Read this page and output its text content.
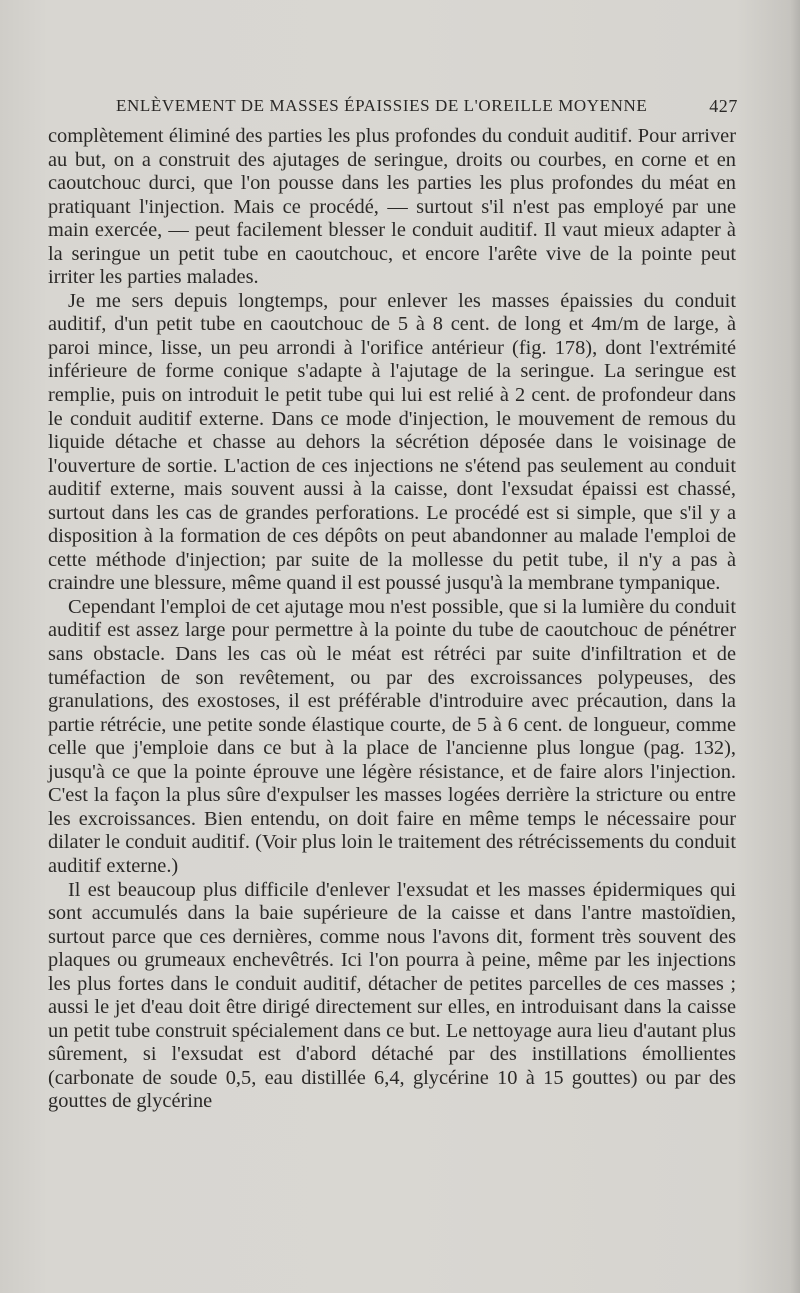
ENLÈVEMENT DE MASSES ÉPAISSIES DE L'OREILLE MOYENNE	427

complètement éliminé des parties les plus profondes du conduit auditif. Pour arriver au but, on a construit des ajutages de seringue, droits ou courbes, en corne et en caoutchouc durci, que l'on pousse dans les parties les plus profondes du méat en pratiquant l'injection. Mais ce procédé, — surtout s'il n'est pas employé par une main exercée, — peut facilement blesser le conduit auditif. Il vaut mieux adapter à la seringue un petit tube en caoutchouc, et encore l'arête vive de la pointe peut irriter les parties malades.

Je me sers depuis longtemps, pour enlever les masses épaissies du conduit auditif, d'un petit tube en caoutchouc de 5 à 8 cent. de long et 4m/m de large, à paroi mince, lisse, un peu arrondi à l'orifice antérieur (fig. 178), dont l'extrémité inférieure de forme conique s'adapte à l'ajutage de la seringue. La seringue est remplie, puis on introduit le petit tube qui lui est relié à 2 cent. de profondeur dans le conduit auditif externe. Dans ce mode d'injection, le mouvement de remous du liquide détache et chasse au dehors la sécrétion déposée dans le voisinage de l'ouverture de sortie. L'action de ces injections ne s'étend pas seulement au conduit auditif externe, mais souvent aussi à la caisse, dont l'exsudat épaissi est chassé, surtout dans les cas de grandes perforations. Le procédé est si simple, que s'il y a disposition à la formation de ces dépôts on peut abandonner au malade l'emploi de cette méthode d'injection; par suite de la mollesse du petit tube, il n'y a pas à craindre une blessure, même quand il est poussé jusqu'à la membrane tympanique.

Cependant l'emploi de cet ajutage mou n'est possible, que si la lumière du conduit auditif est assez large pour permettre à la pointe du tube de caoutchouc de pénétrer sans obstacle. Dans les cas où le méat est rétréci par suite d'infiltration et de tuméfaction de son revêtement, ou par des excroissances polypeuses, des granulations, des exostoses, il est préférable d'introduire avec précaution, dans la partie rétrécie, une petite sonde élastique courte, de 5 à 6 cent. de longueur, comme celle que j'emploie dans ce but à la place de l'ancienne plus longue (pag. 132), jusqu'à ce que la pointe éprouve une légère résistance, et de faire alors l'injection. C'est la façon la plus sûre d'expulser les masses logées derrière la stricture ou entre les excroissances. Bien entendu, on doit faire en même temps le nécessaire pour dilater le conduit auditif. (Voir plus loin le traitement des rétrécissements du conduit auditif externe.)

Il est beaucoup plus difficile d'enlever l'exsudat et les masses épidermiques qui sont accumulés dans la baie supérieure de la caisse et dans l'antre mastoïdien, surtout parce que ces dernières, comme nous l'avons dit, forment très souvent des plaques ou grumeaux enchevêtrés. Ici l'on pourra à peine, même par les injections les plus fortes dans le conduit auditif, détacher de petites parcelles de ces masses ; aussi le jet d'eau doit être dirigé directement sur elles, en introduisant dans la caisse un petit tube construit spécialement dans ce but. Le nettoyage aura lieu d'autant plus sûrement, si l'exsudat est d'abord détaché par des instillations émollientes (carbonate de soude 0,5, eau distillée 6,4, glycérine 10 à 15 gouttes) ou par des gouttes de glycérine
